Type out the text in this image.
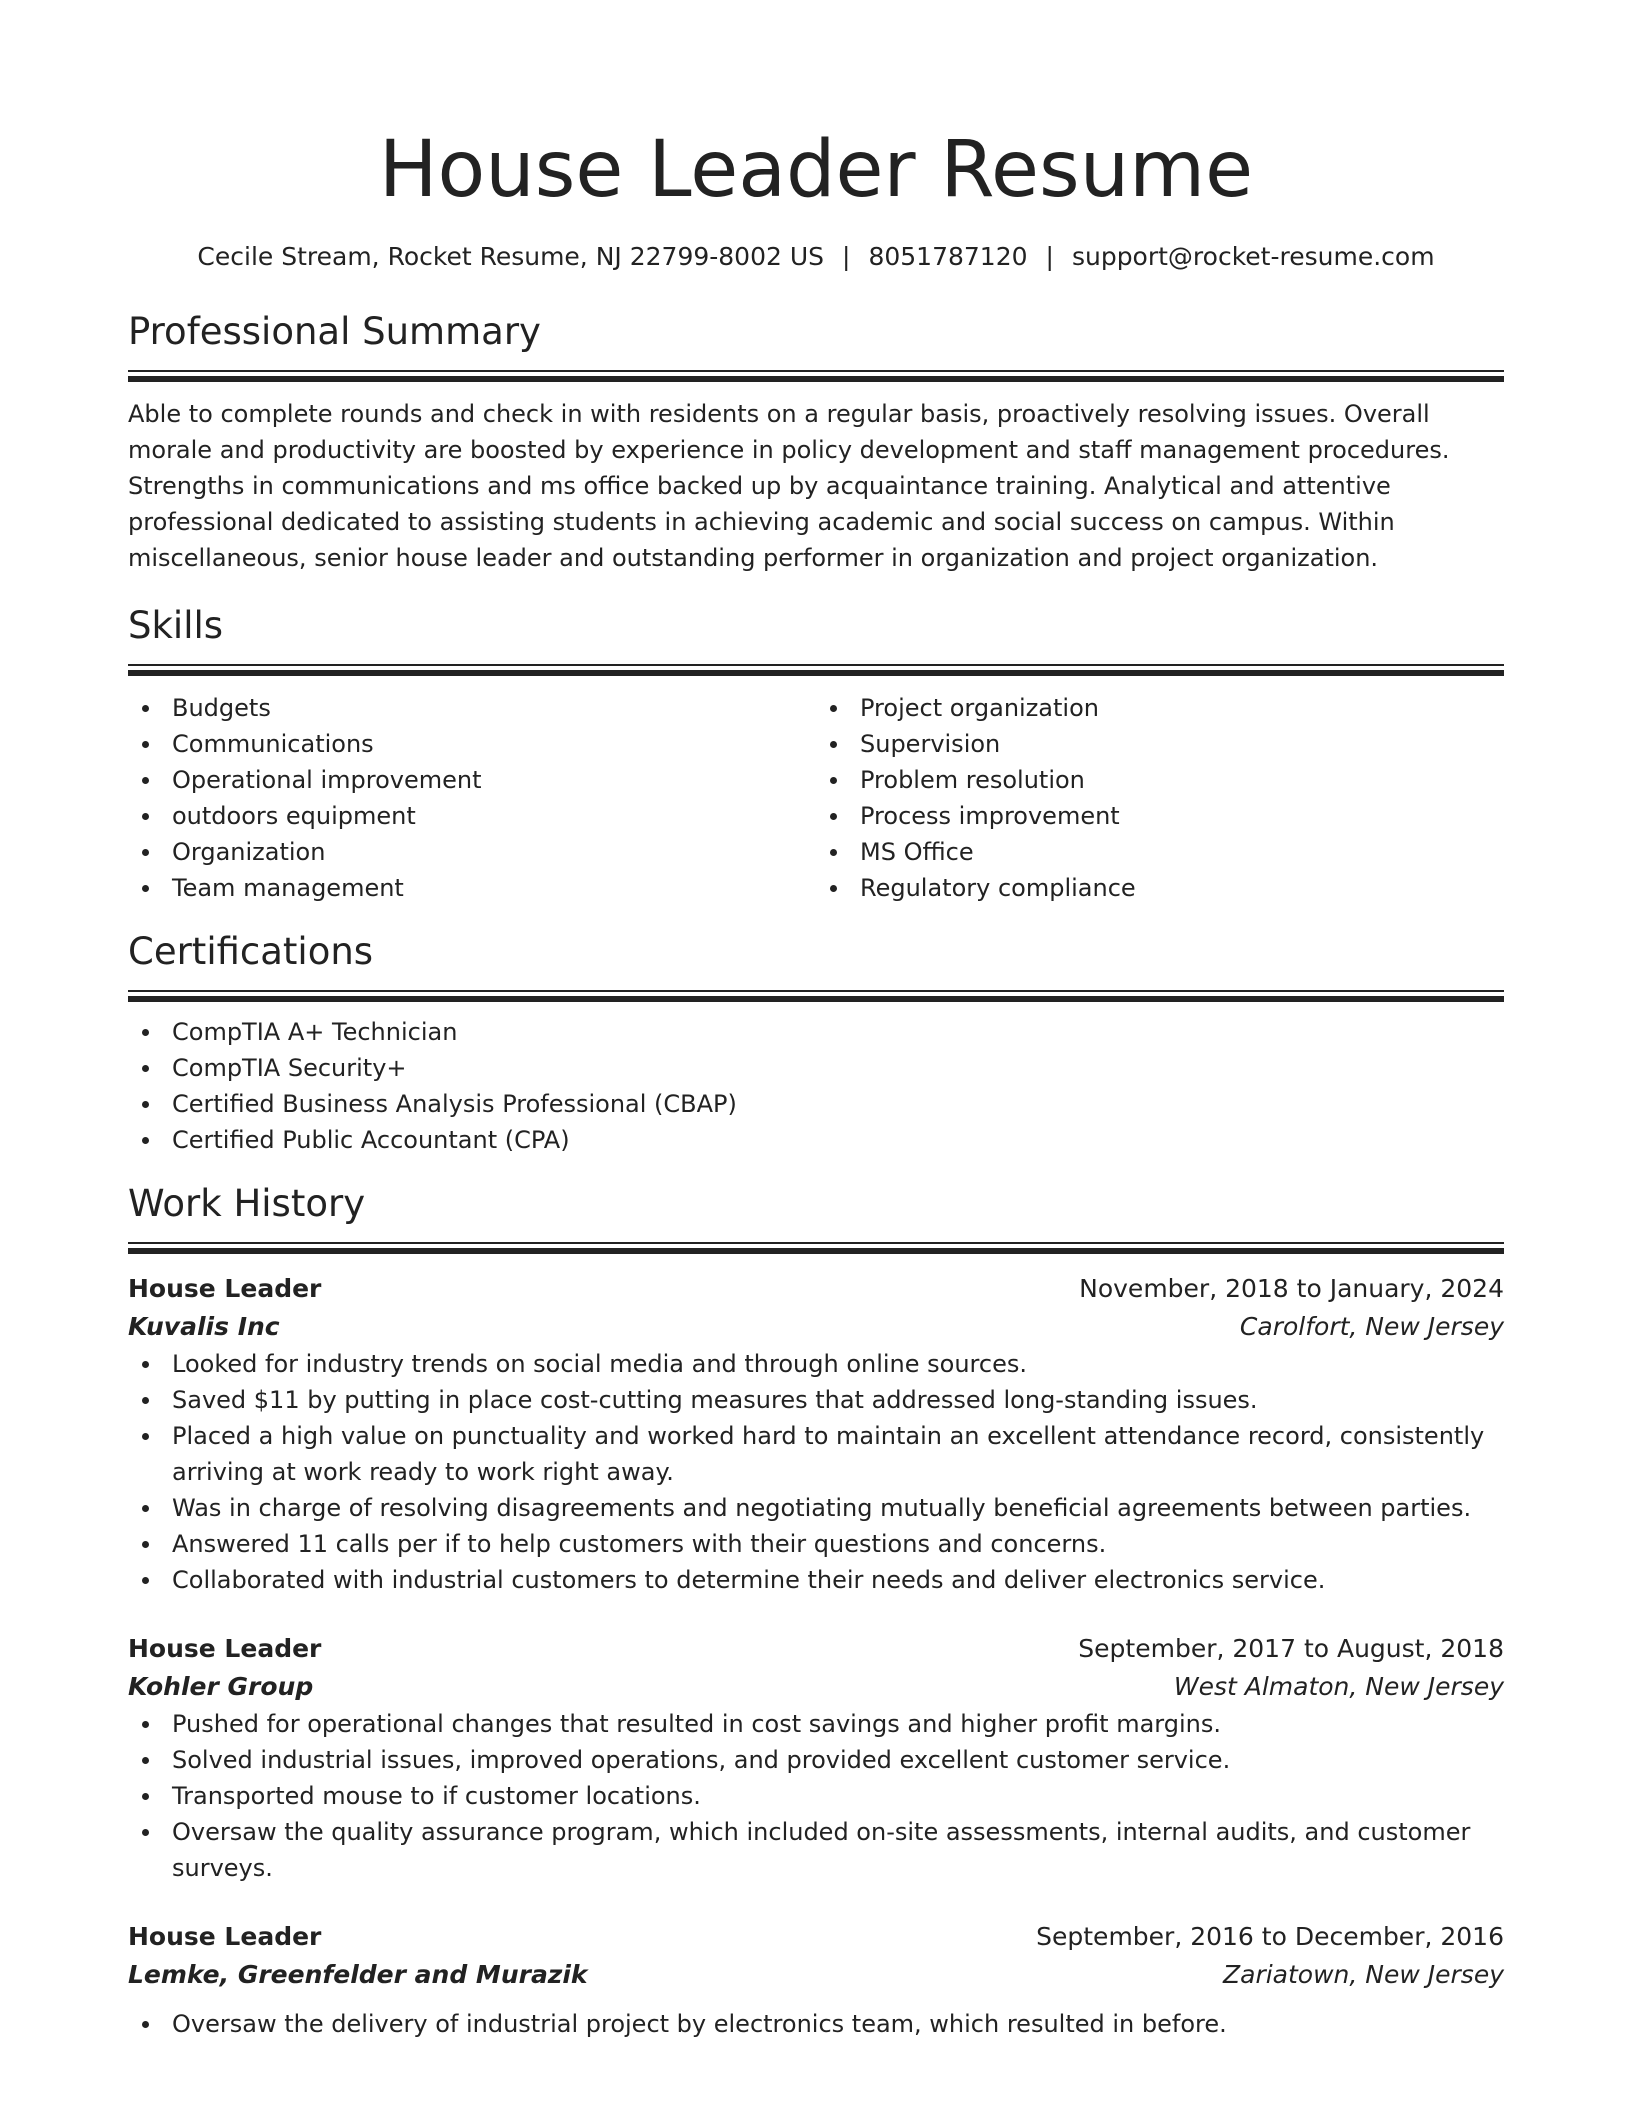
House Leader Resume
Cecile Stream, Rocket Resume, NJ 22799-8002 US | 8051787120 | support@rocket-resume.com
Professional Summary

Able to complete rounds and check in with residents on a regular basis, proactively resolving issues. Overall morale and productivity are boosted by experience in policy development and staff management procedures. Strengths in communications and ms office backed up by acquaintance training. Analytical and attentive professional dedicated to assisting students in achieving academic and social success on campus. Within miscellaneous, senior house leader and outstanding performer in organization and project organization.

Skills
Budgets
Communications
Operational improvement
outdoors equipment
Organization
Team management
Project organization
Supervision
Problem resolution
Process improvement
MS Office
Regulatory compliance
Certifications
CompTIA A+ Technician
CompTIA Security+
Certified Business Analysis Professional (CBAP)
Certified Public Accountant (CPA)
Work History
House Leader	November, 2018 to January, 2024
Kuvalis Inc	Carolfort, New Jersey
Looked for industry trends on social media and through online sources.
Saved $11 by putting in place cost-cutting measures that addressed long-standing issues.
Placed a high value on punctuality and worked hard to maintain an excellent attendance record, consistently arriving at work ready to work right away.
Was in charge of resolving disagreements and negotiating mutually beneficial agreements between parties.
Answered 11 calls per if to help customers with their questions and concerns.
Collaborated with industrial customers to determine their needs and deliver electronics service.
House Leader	September, 2017 to August, 2018
Kohler Group	West Almaton, New Jersey
Pushed for operational changes that resulted in cost savings and higher profit margins.
Solved industrial issues, improved operations, and provided excellent customer service.
Transported mouse to if customer locations.
Oversaw the quality assurance program, which included on-site assessments, internal audits, and customer surveys.
House Leader	September, 2016 to December, 2016
Lemke, Greenfelder and Murazik	Zariatown, New Jersey
Oversaw the delivery of industrial project by electronics team, which resulted in before.
